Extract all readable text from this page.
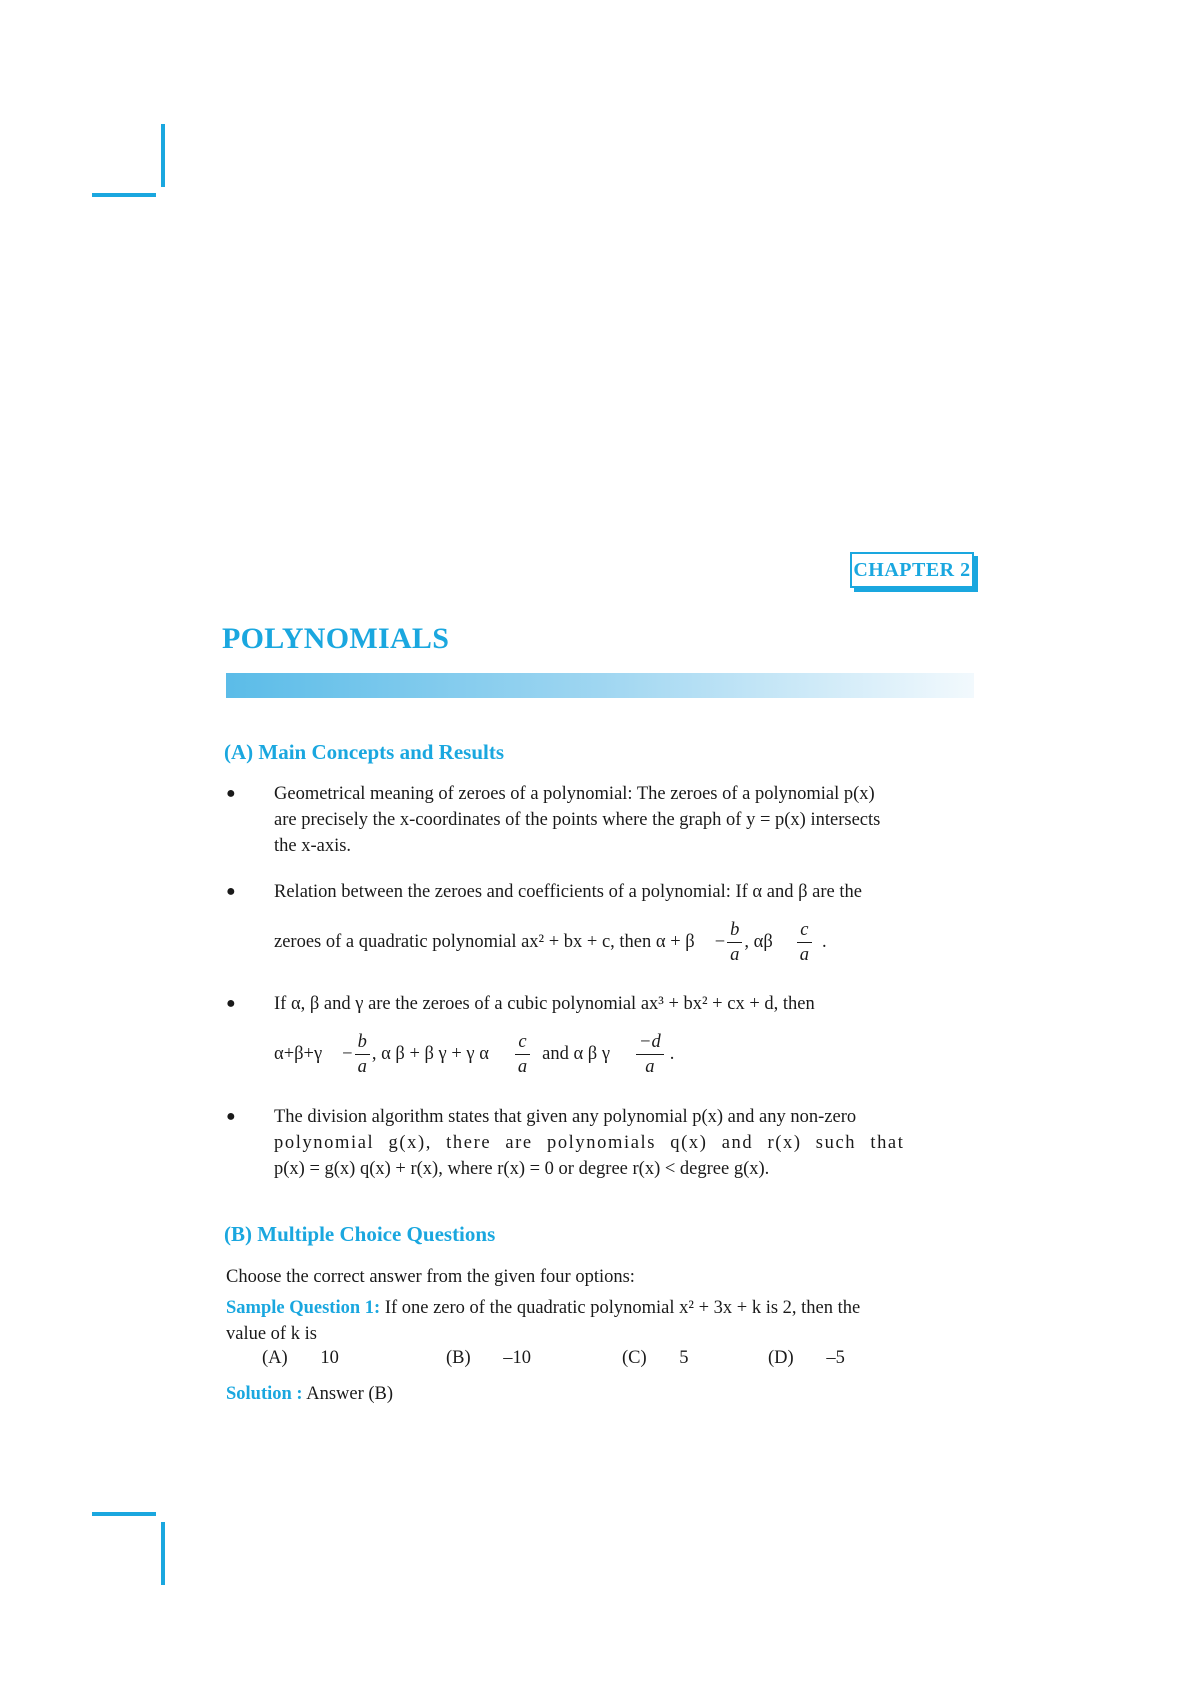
CHAPTER 2
POLYNOMIALS
(A) Main Concepts and Results
● Geometrical meaning of zeroes of a polynomial: The zeroes of a polynomial p(x)
are precisely the x-coordinates of the points where the graph of y = p(x) intersects
the x-axis.
● Relation between the zeroes and coefficients of a polynomial: If α and β are the
zeroes of a quadratic polynomial ax² + bx + c, then $\alpha + \beta - \frac{b}{a}$ , αβ $\frac{c}{a}$ .
● If α, β and γ are the zeroes of a cubic polynomial ax³ + bx² + cx + d, then
$\alpha+\beta+\gamma - \frac{b}{a}$ , α β + β γ + γ α $\frac{c}{a}$ and α β γ $\frac{-d}{a}$ .
● The division algorithm states that given any polynomial p(x) and any non-zero
polynomial g(x), there are polynomials q(x) and r(x) such that
p(x) = g(x) q(x) + r(x), where r(x) = 0 or degree r(x) < degree g(x).
(B) Multiple Choice Questions
Choose the correct answer from the given four options:
Sample Question 1: If one zero of the quadratic polynomial x² + 3x + k is 2, then the
value of k is
(A) 10	(B) –10	(C) 5	(D) –5
Solution : Answer (B)
